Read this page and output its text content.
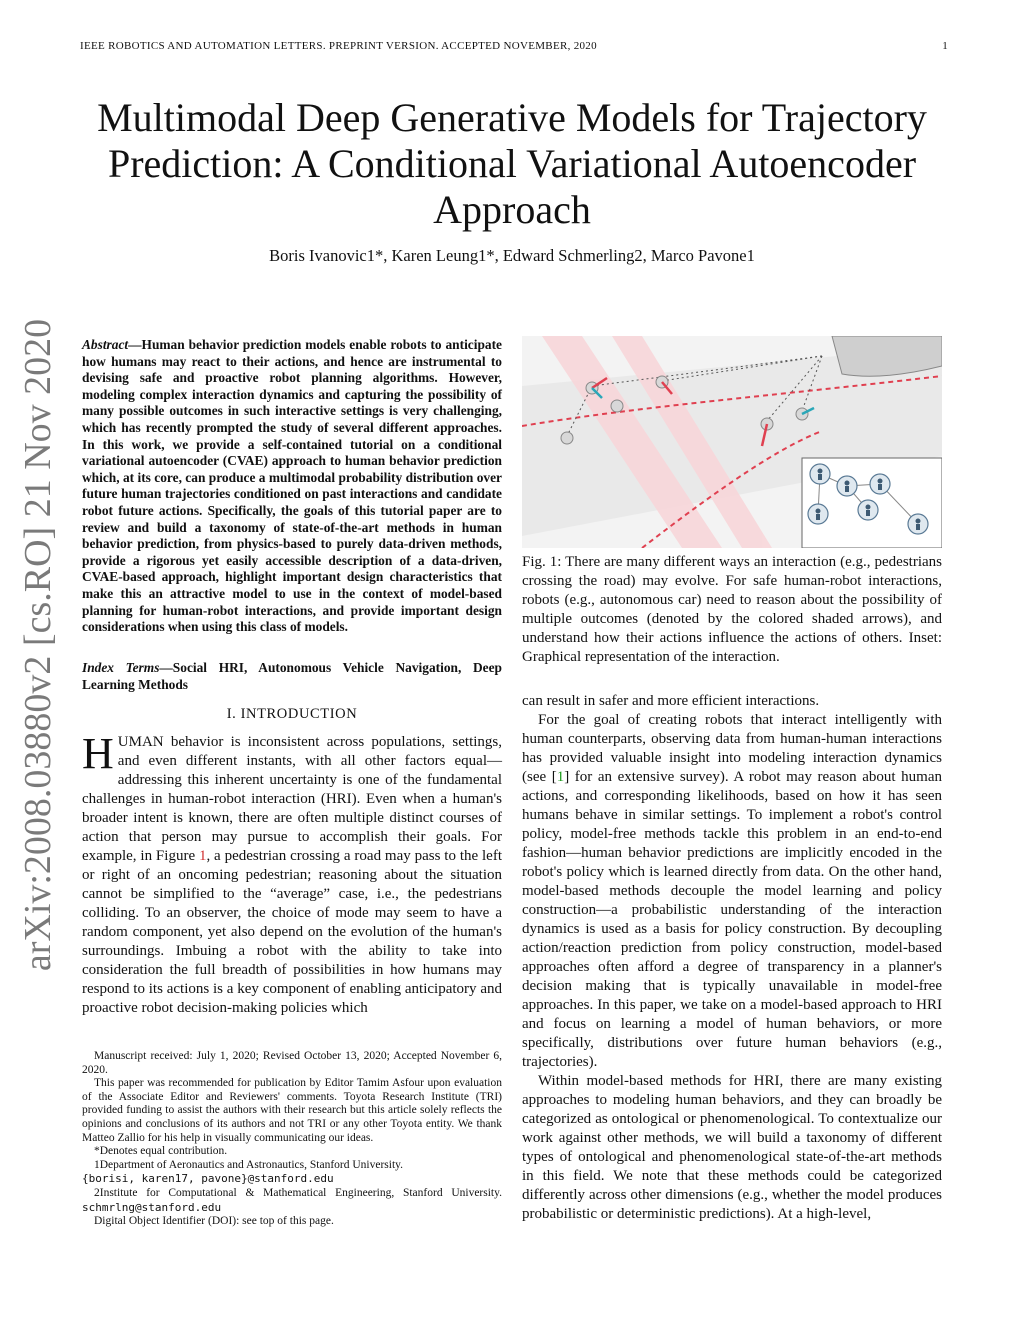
IEEE ROBOTICS AND AUTOMATION LETTERS. PREPRINT VERSION. ACCEPTED NOVEMBER, 2020	1
Multimodal Deep Generative Models for Trajectory Prediction: A Conditional Variational Autoencoder Approach
Boris Ivanovic1*, Karen Leung1*, Edward Schmerling2, Marco Pavone1
arXiv:2008.03880v2 [cs.RO] 21 Nov 2020 Abstract—Human behavior prediction models enable robots to anticipate how humans may react to their actions, and hence are instrumental to devising safe and proactive robot planning algorithms. However, modeling complex interaction dynamics and capturing the possibility of many possible outcomes in such interactive settings is very challenging, which has recently prompted the study of several different approaches. In this work, we provide a self-contained tutorial on a conditional variational autoencoder (CVAE) approach to human behavior prediction which, at its core, can produce a multimodal probability distribution over future human trajectories conditioned on past interactions and candidate robot future actions. Specifically, the goals of this tutorial paper are to review and build a taxonomy of state-of-the-art methods in human behavior prediction, from physics-based to purely data-driven methods, provide a rigorous yet easily accessible description of a data-driven, CVAE-based approach, highlight important design characteristics that make this an attractive model to use in the context of model-based planning for human-robot interactions, and provide important design considerations when using this class of models.
Index Terms—Social HRI, Autonomous Vehicle Navigation, Deep Learning Methods
I. INTRODUCTION
HUMAN behavior is inconsistent across populations, settings, and even different instants, with all other factors equal—addressing this inherent uncertainty is one of the fundamental challenges in human-robot interaction (HRI). Even when a human's broader intent is known, there are often multiple distinct courses of action that person may pursue to accomplish their goals. For example, in Figure 1, a pedestrian crossing a road may pass to the left or right of an oncoming pedestrian; reasoning about the situation cannot be simplified to the “average” case, i.e., the pedestrians colliding. To an observer, the choice of mode may seem to have a random component, yet also depend on the evolution of the human's surroundings. Imbuing a robot with the ability to take into consideration the full breadth of possibilities in how humans may respond to its actions is a key component of enabling anticipatory and proactive robot decision-making policies which

Manuscript received: July 1, 2020; Revised October 13, 2020; Accepted November 6, 2020.

This paper was recommended for publication by Editor Tamim Asfour upon evaluation of the Associate Editor and Reviewers' comments. Toyota Research Institute (TRI) provided funding to assist the authors with their research but this article solely reflects the opinions and conclusions of its authors and not TRI or any other Toyota entity. We thank Matteo Zallio for his help in visually communicating our ideas.

*Denotes equal contribution.

1Department of Aeronautics and Astronautics, Stanford University.
{borisi, karen17, pavone}@stanford.edu

2Institute for Computational & Mathematical Engineering, Stanford University. schmrlng@stanford.edu

Digital Object Identifier (DOI): see top of this page.

Fig. 1: There are many different ways an interaction (e.g., pedestrians crossing the road) may evolve. For safe human-robot interactions, robots (e.g., autonomous car) need to reason about the possibility of multiple outcomes (denoted by the colored shaded arrows), and understand how their actions influence the actions of others. Inset: Graphical representation of the interaction.

can result in safer and more efficient interactions.

For the goal of creating robots that interact intelligently with human counterparts, observing data from human-human interactions has provided valuable insight into modeling interaction dynamics (see [1] for an extensive survey). A robot may reason about human actions, and corresponding likelihoods, based on how it has seen humans behave in similar settings. To implement a robot's control policy, model-free methods tackle this problem in an end-to-end fashion—human behavior predictions are implicitly encoded in the robot's policy which is learned directly from data. On the other hand, model-based methods decouple the model learning and policy construction—a probabilistic understanding of the interaction dynamics is used as a basis for policy construction. By decoupling action/reaction prediction from policy construction, model-based approaches often afford a degree of transparency in a planner's decision making that is typically unavailable in model-free approaches. In this paper, we take on a model-based approach to HRI and focus on learning a model of human behaviors, or more specifically, distributions over future human behaviors (e.g., trajectories).

Within model-based methods for HRI, there are many existing approaches to modeling human behaviors, and they can broadly be categorized as ontological or phenomenological. To contextualize our work against other methods, we will build a taxonomy of different types of ontological and phenomenological state-of-the-art methods in this field. We note that these methods could be categorized differently across other dimensions (e.g., whether the model produces probabilistic or deterministic predictions). At a high-level,
